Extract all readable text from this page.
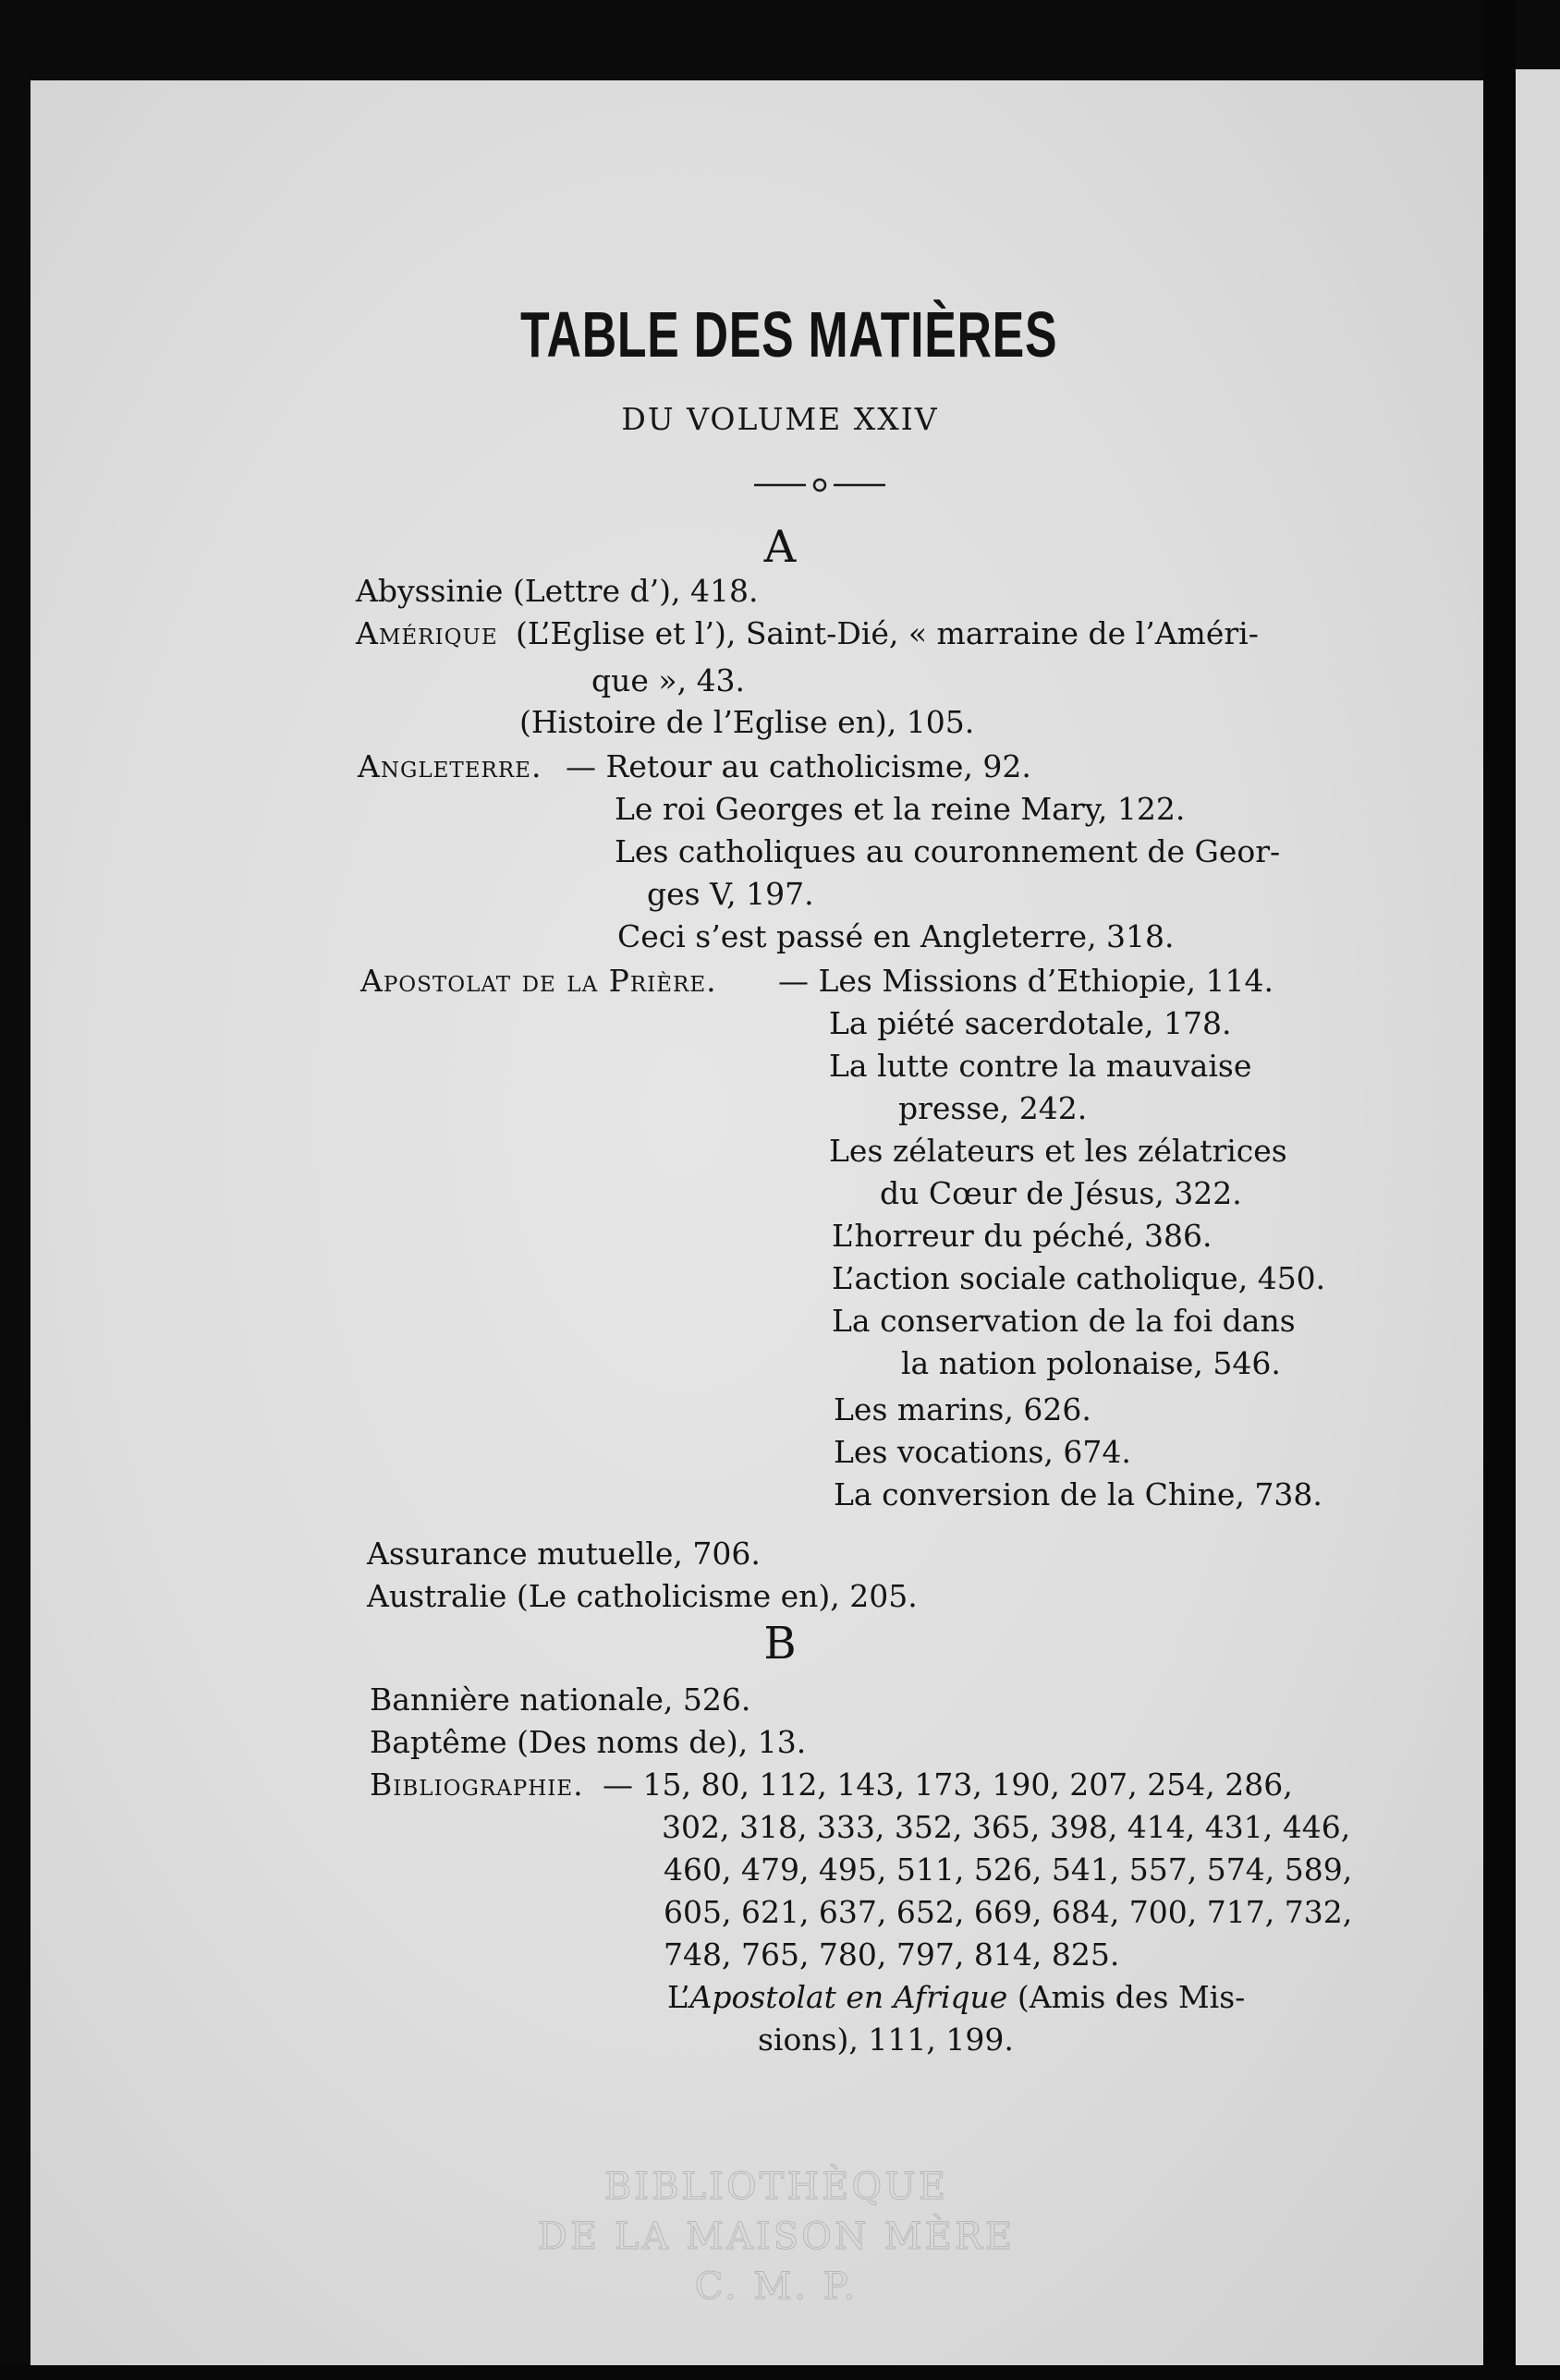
TABLE DES MATIÈRES
DU VOLUME XXIV
A
Abyssinie (Lettre d’), 418.
Amérique (L’Eglise et l’), Saint-Dié, « marraine de l’Améri-
que », 43.
(Histoire de l’Eglise en), 105.
Angleterre. — Retour au catholicisme, 92.
Le roi Georges et la reine Mary, 122.
Les catholiques au couronnement de Geor-
ges V, 197.
Ceci s’est passé en Angleterre, 318.
Apostolat de la Prière. — Les Missions d’Ethiopie, 114.
La piété sacerdotale, 178.
La lutte contre la mauvaise
presse, 242.
Les zélateurs et les zélatrices
du Cœur de Jésus, 322.
L’horreur du péché, 386.
L’action sociale catholique, 450.
La conservation de la foi dans
la nation polonaise, 546.
Les marins, 626.
Les vocations, 674.
La conversion de la Chine, 738.
Assurance mutuelle, 706.
Australie (Le catholicisme en), 205.
B
Bannière nationale, 526.
Baptême (Des noms de), 13.
Bibliographie. — 15, 80, 112, 143, 173, 190, 207, 254, 286,
302, 318, 333, 352, 365, 398, 414, 431, 446,
460, 479, 495, 511, 526, 541, 557, 574, 589,
605, 621, 637, 652, 669, 684, 700, 717, 732,
748, 765, 780, 797, 814, 825.
L’Apostolat en Afrique (Amis des Mis-
sions), 111, 199.
BIBLIOTHÈQUE
DE LA MAISON MÈRE
C. M. P.
